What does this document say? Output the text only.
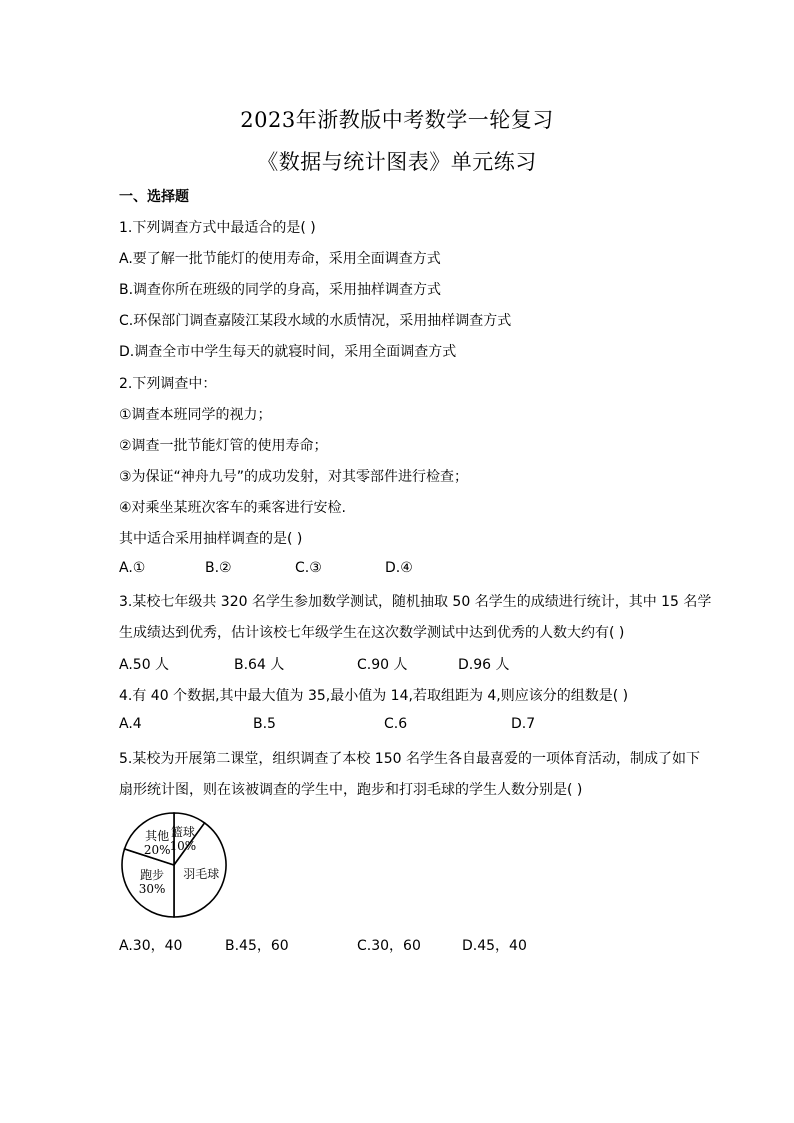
2023年浙教版中考数学一轮复习
《数据与统计图表》单元练习
一、选择题
1.下列调查方式中最适合的是( )
A.要了解一批节能灯的使用寿命，采用全面调查方式
B.调查你所在班级的同学的身高，采用抽样调查方式
C.环保部门调查嘉陵江某段水域的水质情况，采用抽样调查方式
D.调查全市中学生每天的就寝时间，采用全面调查方式
2.下列调查中：
①调查本班同学的视力；
②调查一批节能灯管的使用寿命；
③为保证“神舟九号”的成功发射，对其零部件进行检查；
④对乘坐某班次客车的乘客进行安检.
其中适合采用抽样调查的是( )
A.①	B.②	C.③	D.④
3.某校七年级共 320 名学生参加数学测试，随机抽取 50 名学生的成绩进行统计，其中 15 名学
生成绩达到优秀，估计该校七年级学生在这次数学测试中达到优秀的人数大约有( )
A.50 人	B.64 人	C.90 人	D.96 人
4.有 40 个数据,其中最大值为 35,最小值为 14,若取组距为 4,则应该分的组数是( )
A.4	B.5	C.6	D.7
5.某校为开展第二课堂，组织调查了本校 150 名学生各自最喜爱的一项体育活动，制成了如下
扇形统计图，则在该被调查的学生中，跑步和打羽毛球的学生人数分别是( )
篮球
10%
羽毛球
跑步
30%
其他
20%
A.30，40	B.45，60	C.30，60	D.45，40
